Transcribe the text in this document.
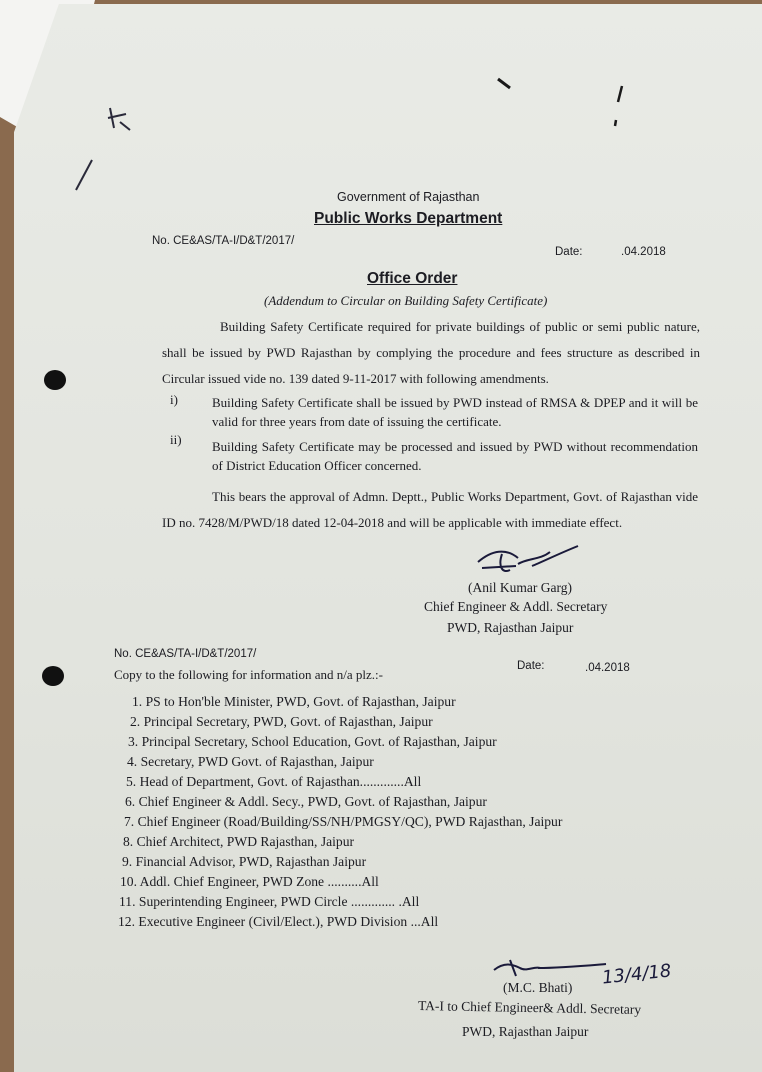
Government of Rajasthan
Public Works Department
No. CE&AS/TA-I/D&T/2017/
Date:	.04.2018
Office Order
(Addendum to Circular on Building Safety Certificate)
Building Safety Certificate required for private buildings of public or semi public nature, shall be issued by PWD Rajasthan by complying the procedure and fees structure as described in Circular issued vide no. 139 dated 9-11-2017 with following amendments.
i)	Building Safety Certificate shall be issued by PWD instead of RMSA & DPEP and it will be valid for three years from date of issuing the certificate.
ii) Building Safety Certificate may be processed and issued by PWD without recommendation of District Education Officer concerned.
This bears the approval of Admn. Deptt., Public Works Department, Govt. of Rajasthan vide ID no. 7428/M/PWD/18 dated 12-04-2018 and will be applicable with immediate effect.
(Anil Kumar Garg)
Chief Engineer & Addl. Secretary
PWD, Rajasthan Jaipur
No. CE&AS/TA-I/D&T/2017/
Date:	.04.2018
Copy to the following for information and n/a plz.:-
1. PS to Hon'ble Minister, PWD, Govt. of Rajasthan, Jaipur
2. Principal Secretary, PWD, Govt. of Rajasthan, Jaipur
3. Principal Secretary, School Education, Govt. of Rajasthan, Jaipur
4. Secretary, PWD Govt. of Rajasthan, Jaipur
5. Head of Department, Govt. of Rajasthan.............All
6. Chief Engineer & Addl. Secy., PWD, Govt. of Rajasthan, Jaipur
7. Chief Engineer (Road/Building/SS/NH/PMGSY/QC), PWD Rajasthan, Jaipur
8. Chief Architect, PWD Rajasthan, Jaipur
9. Financial Advisor, PWD, Rajasthan Jaipur
10. Addl. Chief Engineer, PWD Zone ..........All
11. Superintending Engineer, PWD Circle ............. .All
12. Executive Engineer (Civil/Elect.), PWD Division ...All
13/4/18
(M.C. Bhati)
TA-I to Chief Engineer& Addl. Secretary
PWD, Rajasthan Jaipur
